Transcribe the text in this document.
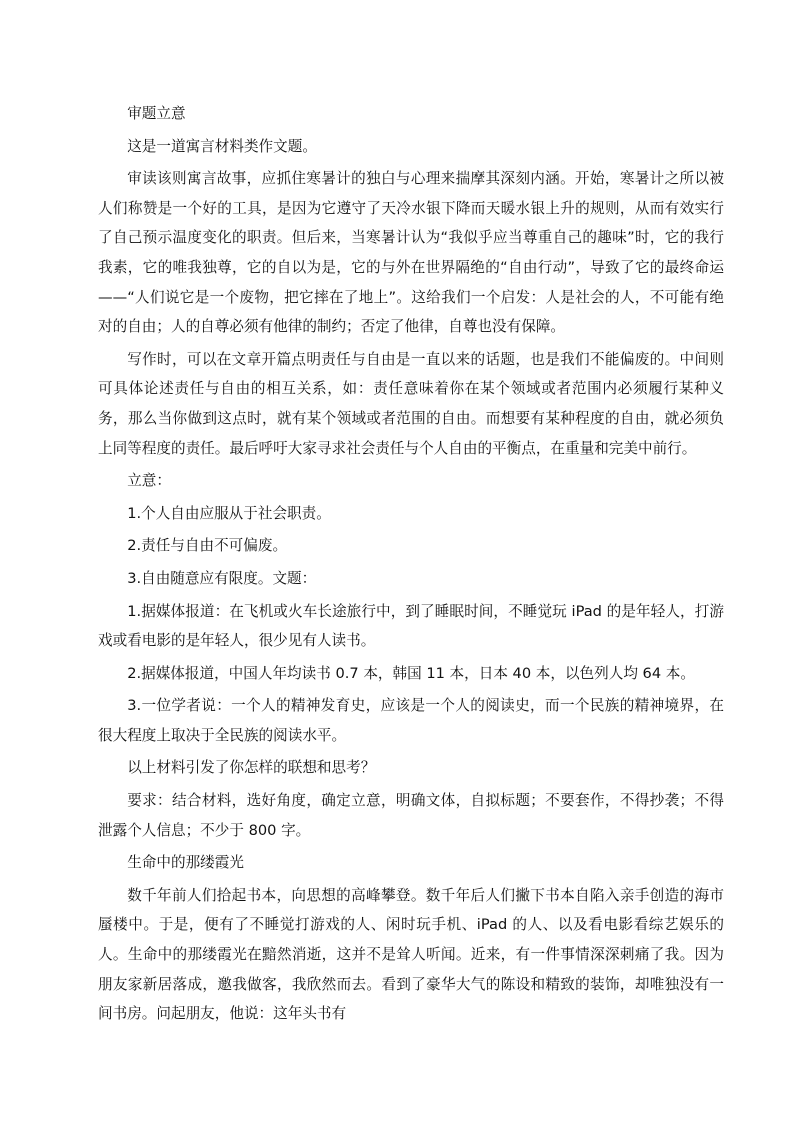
审题立意

这是一道寓言材料类作文题。

审读该则寓言故事，应抓住寒暑计的独白与心理来揣摩其深刻内涵。开始，寒暑计之所以被人们称赞是一个好的工具，是因为它遵守了天冷水银下降而天暖水银上升的规则，从而有效实行了自己预示温度变化的职责。但后来，当寒暑计认为“我似乎应当尊重自己的趣味”时，它的我行我素，它的唯我独尊，它的自以为是，它的与外在世界隔绝的“自由行动”，导致了它的最终命运——“人们说它是一个废物，把它摔在了地上”。这给我们一个启发：人是社会的人，不可能有绝对的自由；人的自尊必须有他律的制约；否定了他律，自尊也没有保障。

写作时，可以在文章开篇点明责任与自由是一直以来的话题，也是我们不能偏废的。中间则可具体论述责任与自由的相互关系，如：责任意味着你在某个领域或者范围内必须履行某种义务，那么当你做到这点时，就有某个领域或者范围的自由。而想要有某种程度的自由，就必须负上同等程度的责任。最后呼吁大家寻求社会责任与个人自由的平衡点，在重量和完美中前行。

立意：

1.个人自由应服从于社会职责。

2.责任与自由不可偏废。

3.自由随意应有限度。文题：

1.据媒体报道：在飞机或火车长途旅行中，到了睡眠时间，不睡觉玩 iPad 的是年轻人，打游戏或看电影的是年轻人，很少见有人读书。

2.据媒体报道，中国人年均读书 0.7 本，韩国 11 本，日本 40 本，以色列人均 64 本。

3.一位学者说：一个人的精神发育史，应该是一个人的阅读史，而一个民族的精神境界，在很大程度上取决于全民族的阅读水平。

以上材料引发了你怎样的联想和思考？

要求：结合材料，选好角度，确定立意，明确文体，自拟标题；不要套作，不得抄袭；不得泄露个人信息；不少于 800 字。

生命中的那缕霞光

数千年前人们拾起书本，向思想的高峰攀登。数千年后人们撇下书本自陷入亲手创造的海市蜃楼中。于是，便有了不睡觉打游戏的人、闲时玩手机、iPad 的人、以及看电影看综艺娱乐的人。生命中的那缕霞光在黯然消逝，这并不是耸人听闻。近来，有一件事情深深刺痛了我。因为朋友家新居落成，邀我做客，我欣然而去。看到了豪华大气的陈设和精致的装饰，却唯独没有一间书房。问起朋友，他说：这年头书有
